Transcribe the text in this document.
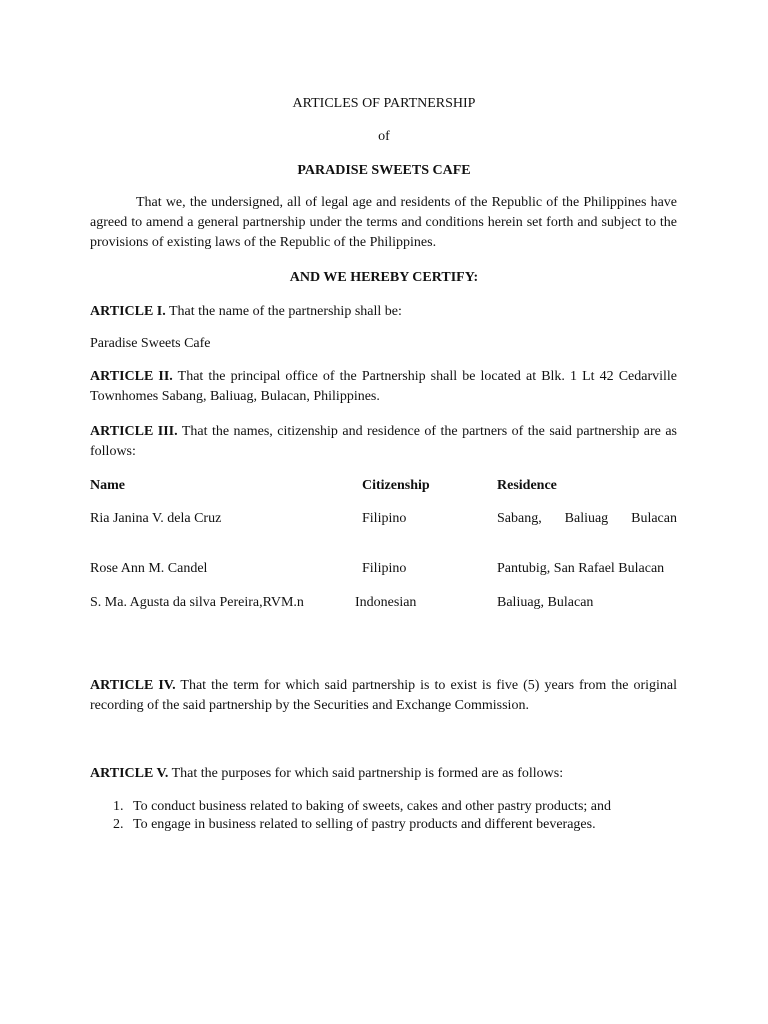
ARTICLES OF PARTNERSHIP
of
PARADISE SWEETS CAFE
That we, the undersigned, all of legal age and residents of the Republic of the Philippines have agreed to amend a general partnership under the terms and conditions herein set forth and subject to the provisions of existing laws of the Republic of the Philippines.
AND WE HEREBY CERTIFY:
ARTICLE I. That the name of the partnership shall be:
Paradise Sweets Cafe
ARTICLE II. That the principal office of the Partnership shall be located at Blk. 1 Lt 42 Cedarville Townhomes Sabang, Baliuag, Bulacan, Philippines.
ARTICLE III. That the names, citizenship and residence of the partners of the said partnership are as follows:
Name	Citizenship	Residence
Ria Janina V. dela Cruz	Filipino	Sabang, Baliuag Bulacan
Rose Ann M. Candel	Filipino	Pantubig, San Rafael Bulacan
S. Ma. Agusta da silva Pereira,RVM.n	Indonesian	Baliuag, Bulacan
ARTICLE IV. That the term for which said partnership is to exist is five (5) years from the original recording of the said partnership by the Securities and Exchange Commission.
ARTICLE V. That the purposes for which said partnership is formed are as follows:
1. To conduct business related to baking of sweets, cakes and other pastry products; and
2. To engage in business related to selling of pastry products and different beverages.
